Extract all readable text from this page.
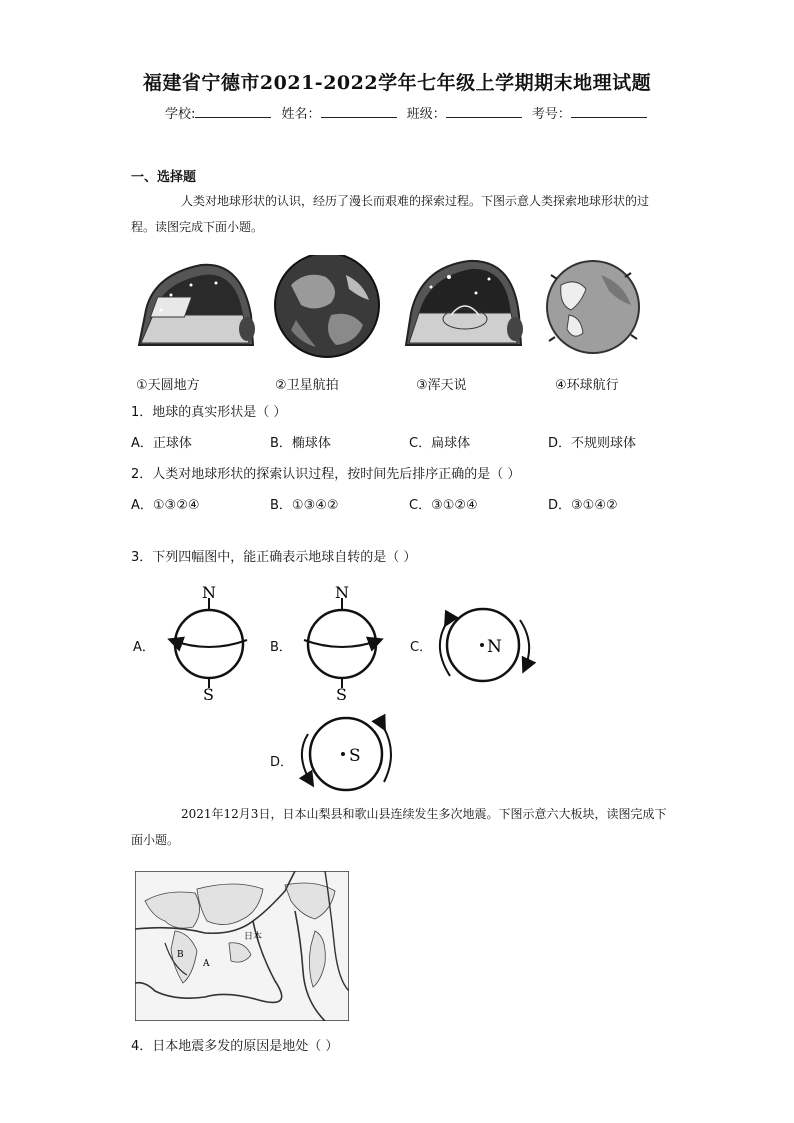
福建省宁德市2021-2022学年七年级上学期期末地理试题
学校:	姓名：	班级：	考号：
一、选择题
人类对地球形状的认识，经历了漫长而艰难的探索过程。下图示意人类探索地球形状的过程。读图完成下面小题。
①天圆地方	②卫星航拍	③浑天说	④环球航行
1．地球的真实形状是（ ）
A．正球体	B．椭球体	C．扁球体	D．不规则球体
2．人类对地球形状的探索认识过程，按时间先后排序正确的是（ ）
A．①③②④	B．①③④②	C．③①②④	D．③①④②
3．下列四幅图中，能正确表示地球自转的是（ ）
A．	B．	C．
D．
N
S
N
S
N
S
2021年12月3日，日本山梨县和歌山县连续发生多次地震。下图示意六大板块，读图完成下面小题。
日本
A
B
4．日本地震多发的原因是地处（ ）
